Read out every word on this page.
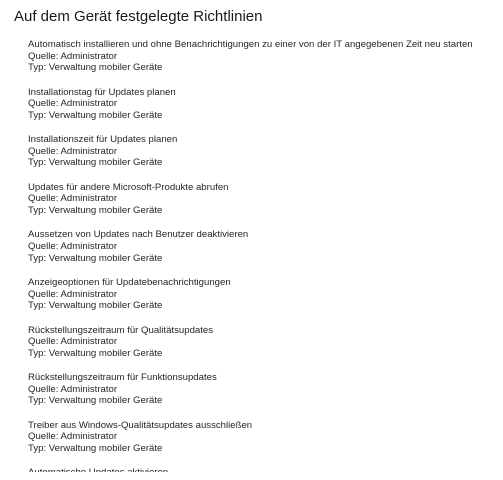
Auf dem Gerät festgelegte Richtlinien
Automatisch installieren und ohne Benachrichtigungen zu einer von der IT angegebenen Zeit neu starten
Quelle: Administrator
Typ: Verwaltung mobiler Geräte
Installationstag für Updates planen
Quelle: Administrator
Typ: Verwaltung mobiler Geräte
Installationszeit für Updates planen
Quelle: Administrator
Typ: Verwaltung mobiler Geräte
Updates für andere Microsoft-Produkte abrufen
Quelle: Administrator
Typ: Verwaltung mobiler Geräte
Aussetzen von Updates nach Benutzer deaktivieren
Quelle: Administrator
Typ: Verwaltung mobiler Geräte
Anzeigeoptionen für Updatebenachrichtigungen
Quelle: Administrator
Typ: Verwaltung mobiler Geräte
Rückstellungszeitraum für Qualitätsupdates
Quelle: Administrator
Typ: Verwaltung mobiler Geräte
Rückstellungszeitraum für Funktionsupdates
Quelle: Administrator
Typ: Verwaltung mobiler Geräte
Treiber aus Windows-Qualitätsupdates ausschließen
Quelle: Administrator
Typ: Verwaltung mobiler Geräte
